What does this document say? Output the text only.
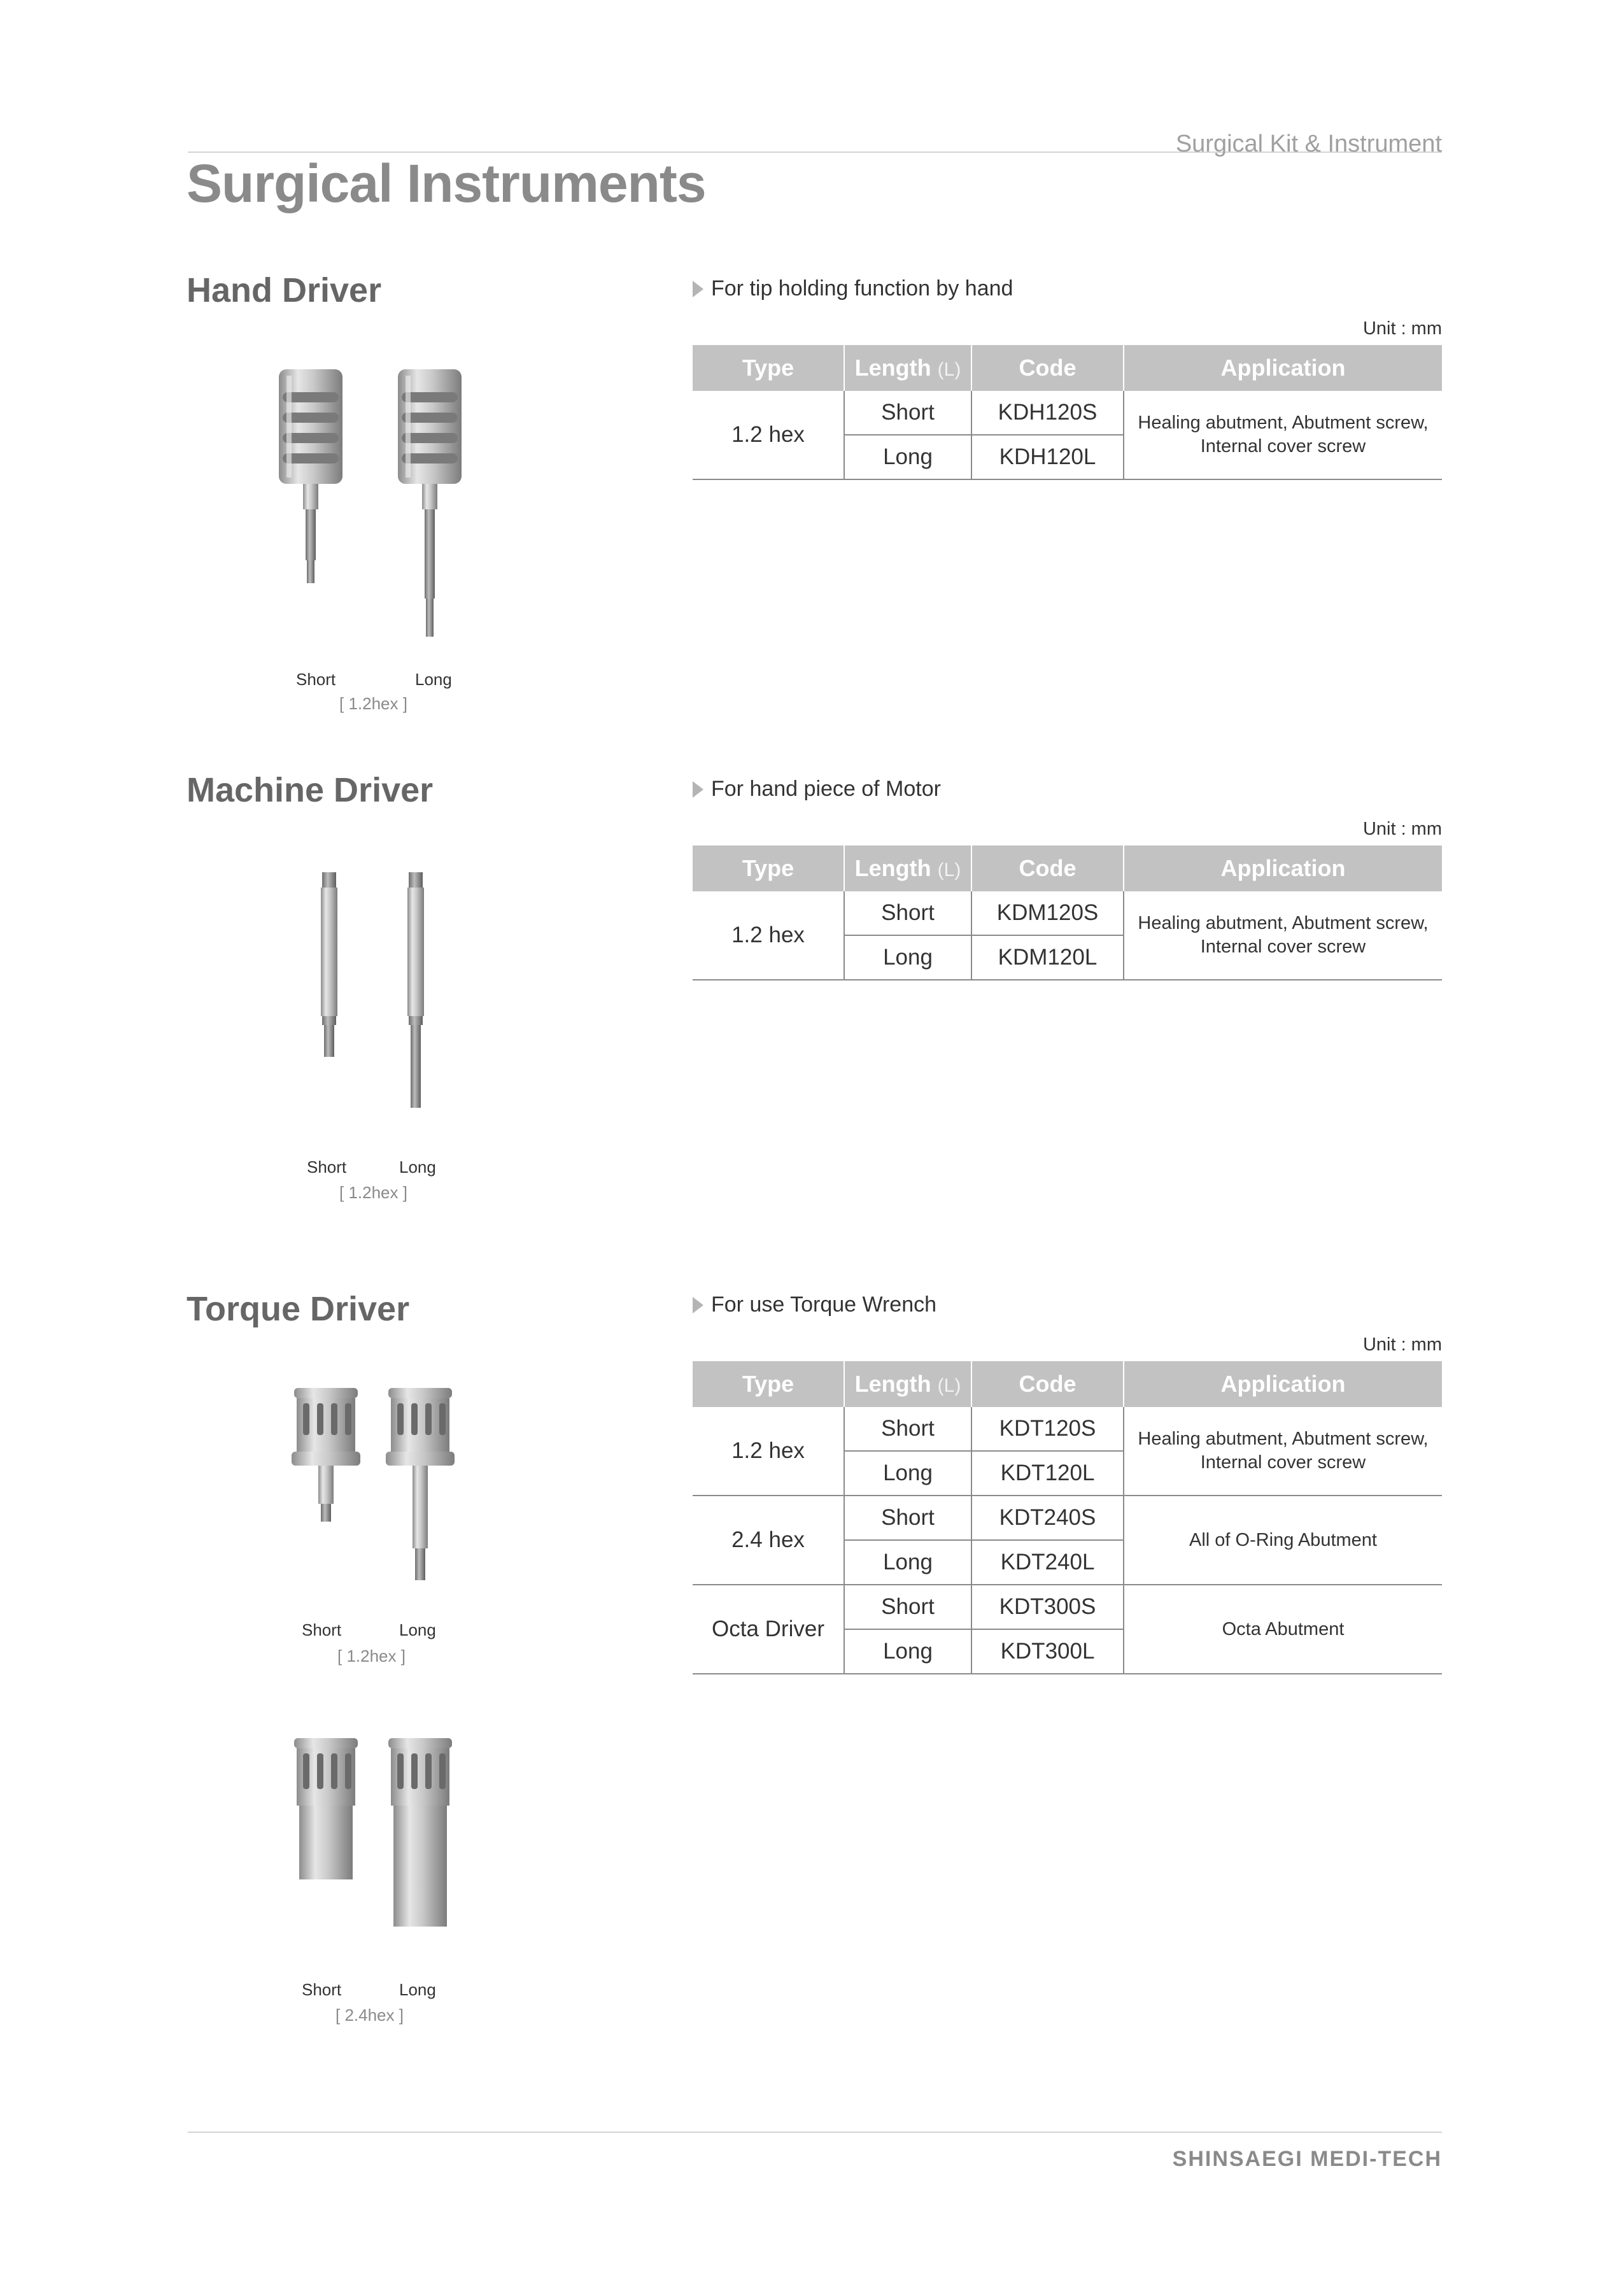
Surgical Kit & Instrument
Surgical Instruments
Hand Driver	For tip holding function by hand
Unit : mm
Type	Length (L)	Code	Application
1.2 hex	Short	KDH120S	Healing abutment, Abutment screw,
Internal cover screw
	Long	KDH120L	
Short	Long
[ 1.2hex ]
Machine Driver	For hand piece of Motor
Unit : mm
Type	Length (L)	Code	Application
1.2 hex	Short	KDM120S	Healing abutment, Abutment screw,
Internal cover screw
	Long	KDM120L	
Short	Long
[ 1.2hex ]
Torque Driver	For use Torque Wrench
Unit : mm
Type	Length (L)	Code	Application
1.2 hex	Short	KDT120S	Healing abutment, Abutment screw,
Internal cover screw
	Long	KDT120L	
2.4 hex	Short	KDT240S	All of O-Ring Abutment
	Long	KDT240L	
Octa Driver	Short	KDT300S	Octa Abutment
	Long	KDT300L	
Short	Long
[ 1.2hex ]
Short	Long
[ 2.4hex ]
SHINSAEGI MEDI-TECH
